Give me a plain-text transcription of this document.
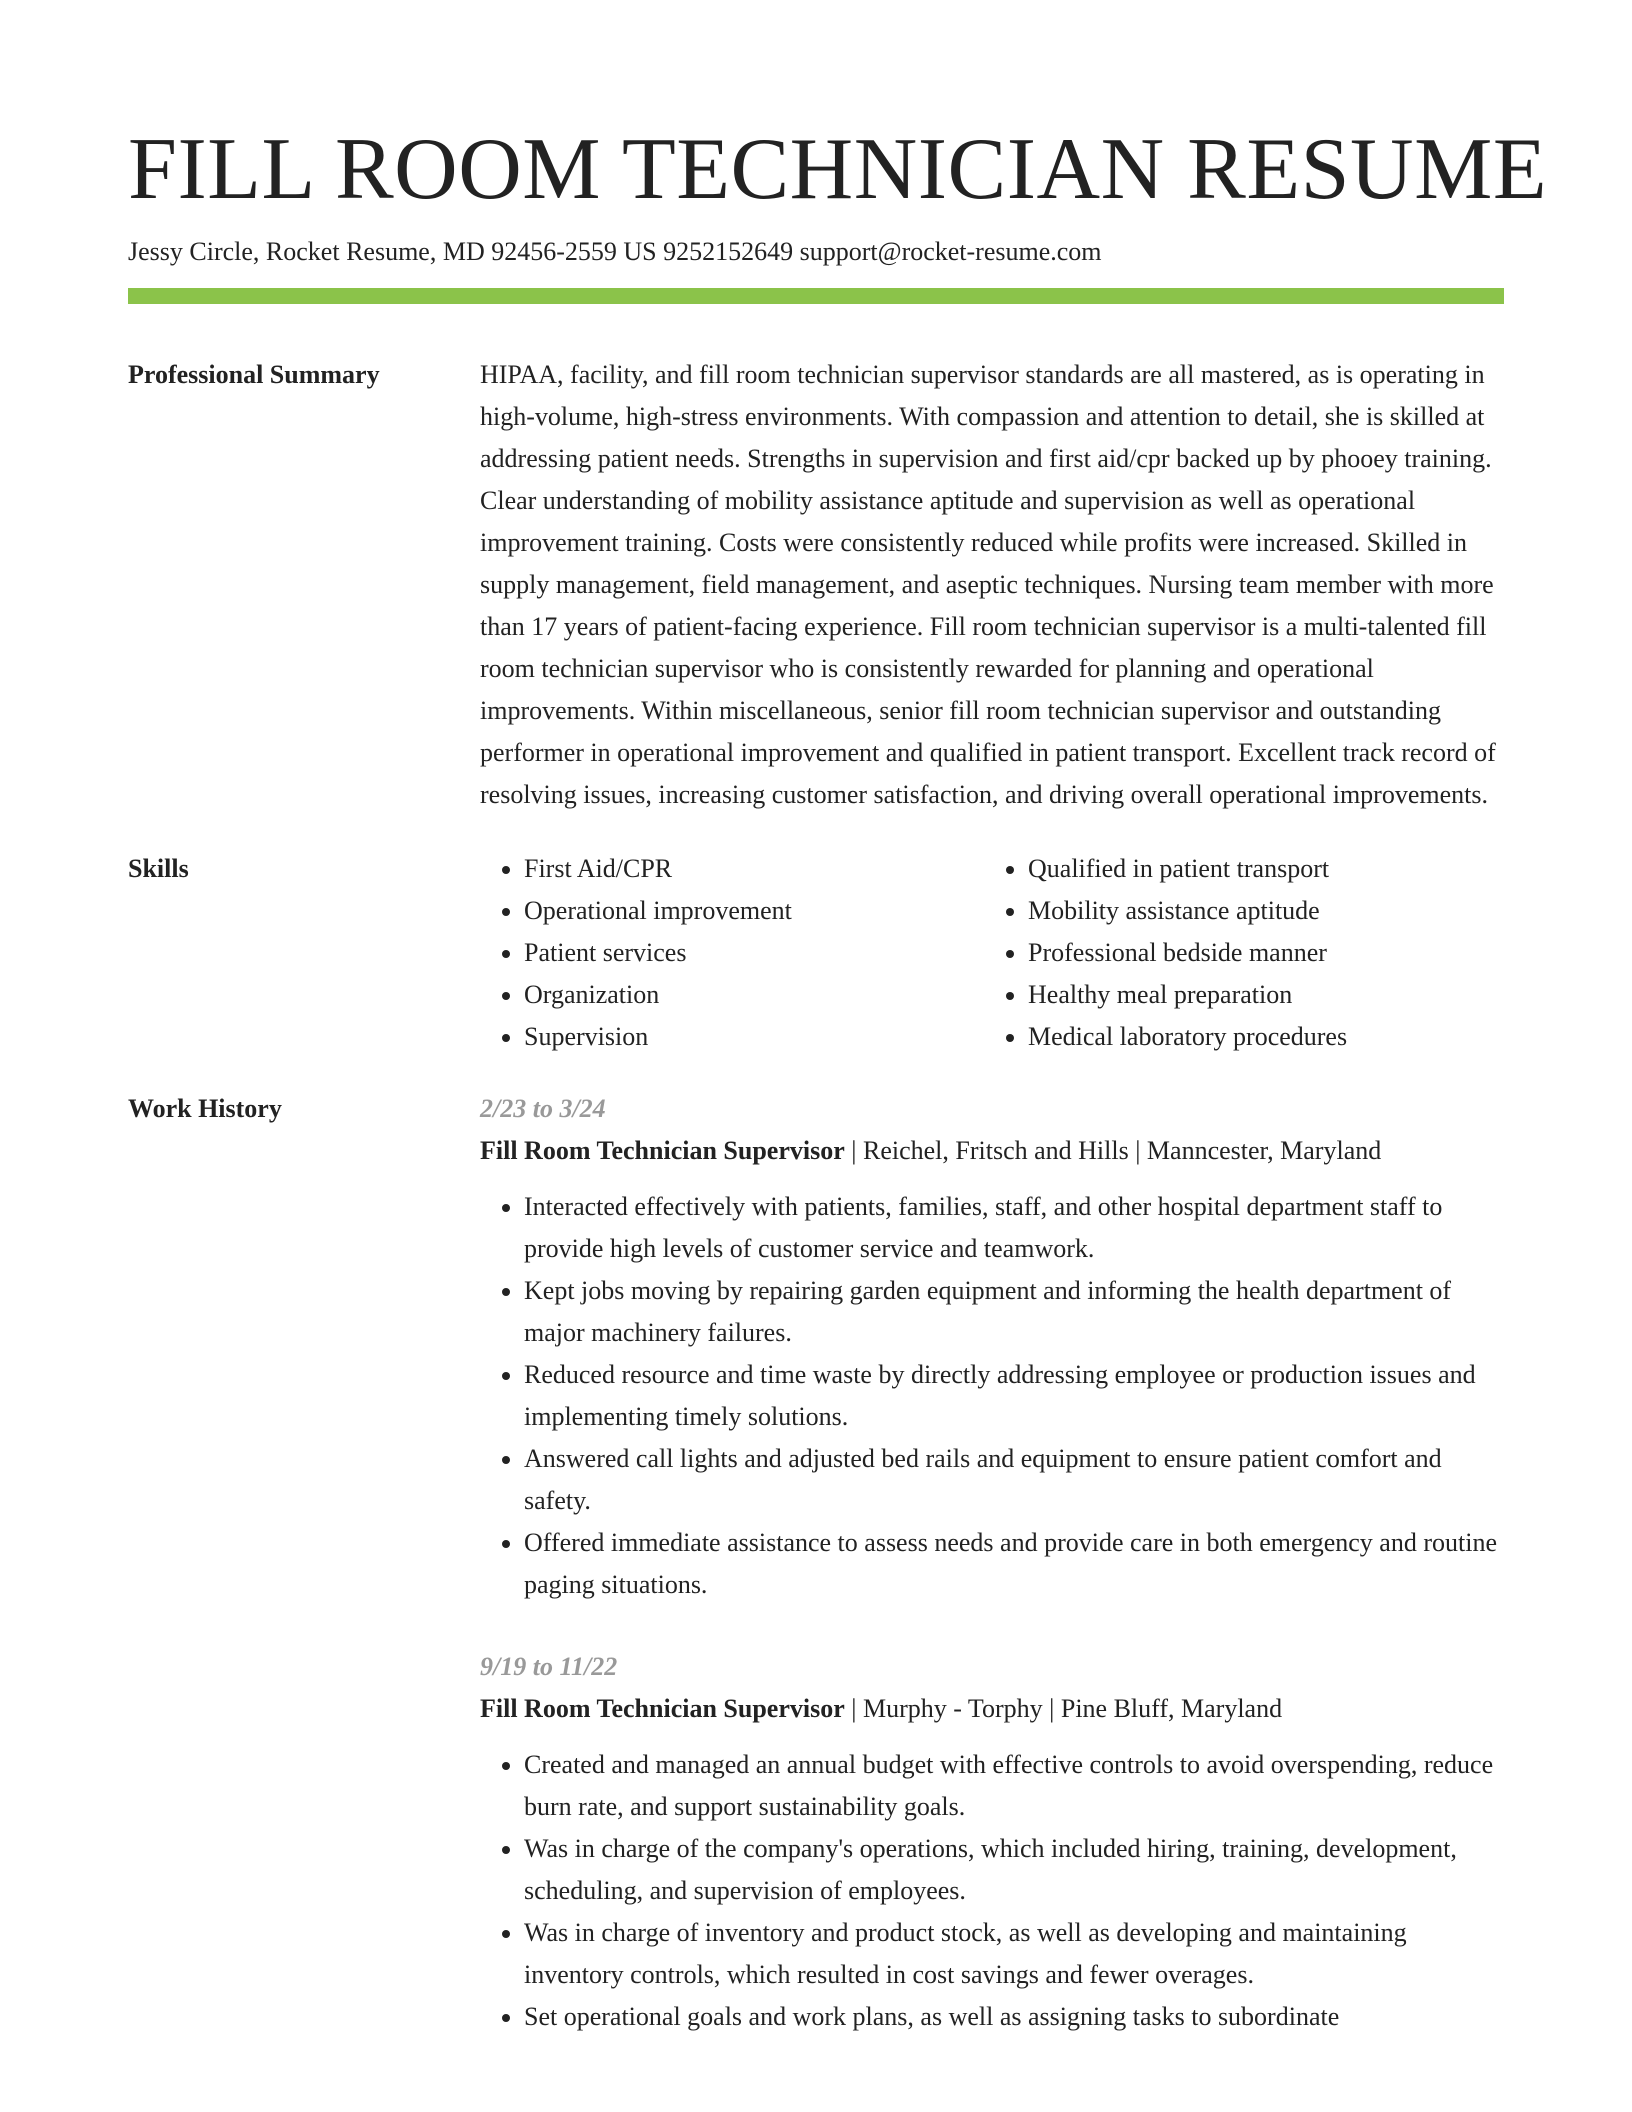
FILL ROOM TECHNICIAN RESUME
Jessy Circle, Rocket Resume, MD 92456-2559 US 9252152649 support@rocket-resume.com
Professional Summary	HIPAA, facility, and fill room technician supervisor standards are all mastered, as is operating in high-volume, high-stress environments. With compassion and attention to detail, she is skilled at addressing patient needs. Strengths in supervision and first aid/cpr backed up by phooey training. Clear understanding of mobility assistance aptitude and supervision as well as operational improvement training. Costs were consistently reduced while profits were increased. Skilled in supply management, field management, and aseptic techniques. Nursing team member with more than 17 years of patient-facing experience. Fill room technician supervisor is a multi-talented fill room technician supervisor who is consistently rewarded for planning and operational improvements. Within miscellaneous, senior fill room technician supervisor and outstanding performer in operational improvement and qualified in patient transport. Excellent track record of resolving issues, increasing customer satisfaction, and driving overall operational improvements.

Skills
•	First Aid/CPR
• Operational improvement
• Patient services
• Organization
• Supervision
• Qualified in patient transport
• Mobility assistance aptitude
• Professional bedside manner
• Healthy meal preparation
• Medical laboratory procedures
Work History	2/23 to 3/24
Fill Room Technician Supervisor | Reichel, Fritsch and Hills | Manncester, Maryland
• Interacted effectively with patients, families, staff, and other hospital department staff to provide high levels of customer service and teamwork.
• Kept jobs moving by repairing garden equipment and informing the health department of major machinery failures.
• Reduced resource and time waste by directly addressing employee or production issues and implementing timely solutions.
• Answered call lights and adjusted bed rails and equipment to ensure patient comfort and safety.
• Offered immediate assistance to assess needs and provide care in both emergency and routine paging situations.
9/19 to 11/22
Fill Room Technician Supervisor | Murphy - Torphy | Pine Bluff, Maryland
• Created and managed an annual budget with effective controls to avoid overspending, reduce burn rate, and support sustainability goals.
• Was in charge of the company's operations, which included hiring, training, development, scheduling, and supervision of employees.
• Was in charge of inventory and product stock, as well as developing and maintaining inventory controls, which resulted in cost savings and fewer overages.
• Set operational goals and work plans, as well as assigning tasks to subordinate
